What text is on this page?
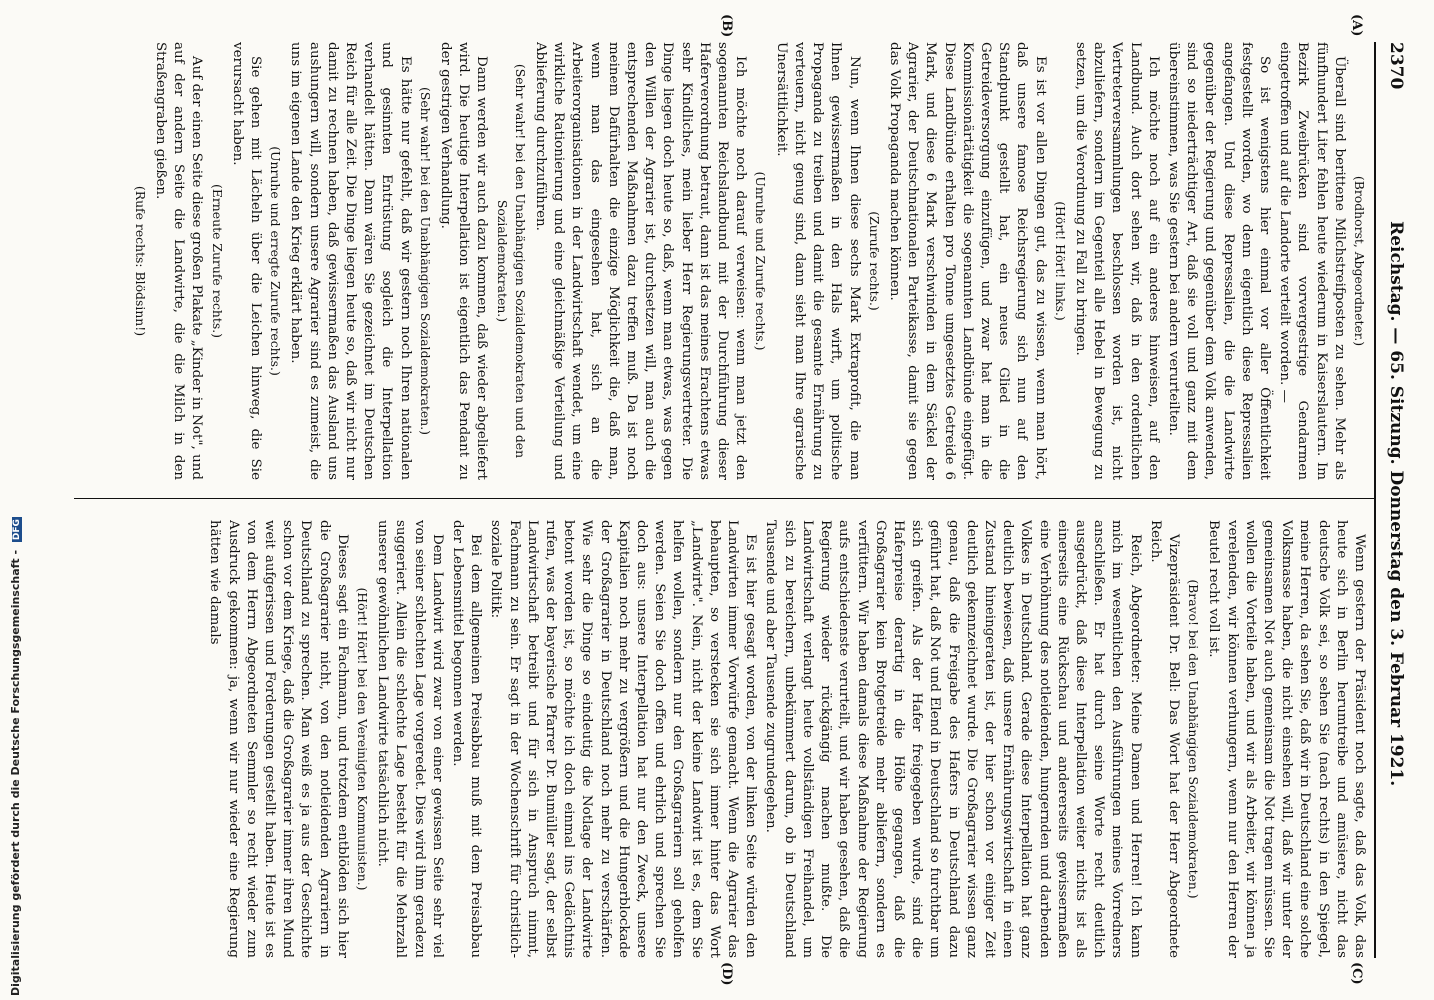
2370
Reichstag. — 65. Sitzung. Donnerstag den 3. Februar 1921.
(A)
(B)
(C)
(D)

(Brodhorst, Abgeordneter.)

Überall sind berittene Milchstreifposten zu sehen. Mehr als fünfhundert Liter fehlen heute wiederum in Kaiserslautern. Im Bezirk Zweibrücken sind vorvergestrige Gendarmen eingetroffen und auf die Landorte verteilt worden. —

So ist wenigstens hier einmal vor aller Öffentlichkeit festgestellt worden, wo denn eigentlich diese Repressalien angefangen. Und diese Repressalien, die die Landwirte gegenüber der Regierung und gegenüber dem Volk anwenden, sind so niederträchtiger Art, daß sie voll und ganz mit dem übereinstimmen, was Sie gestern bei andern verurteilten.

Ich möchte noch auf ein anderes hinweisen, auf den Landbund. Auch dort sehen wir, daß in den ordentlichen Vertreterversammlungen beschlossen worden ist, nicht abzuliefern, sondern im Gegenteil alle Hebel in Bewegung zu setzen, um die Verordnung zu Fall zu bringen.

(Hört! Hört! links.)

Es ist vor allen Dingen gut, das zu wissen, wenn man hört, daß unsere famose Reichsregierung sich nun auf den Standpunkt gestellt hat, ein neues Glied in die Getreideversorgung einzufügen, und zwar hat man in die Kommissionärtätigkeit die sogenannten Landbünde eingefügt. Diese Landbünde erhalten pro Tonne umgesetztes Getreide 6 Mark, und diese 6 Mark verschwinden in dem Säckel der Agrarier, der Deutschnationalen Parteikasse, damit sie gegen das Volk Propaganda machen können.

(Zurufe rechts.)

Nun, wenn Ihnen diese sechs Mark Extraprofit, die man Ihnen gewissermaßen in den Hals wirft, um politische Propaganda zu treiben und damit die gesamte Ernährung zu verteuern, nicht genug sind, dann sieht man Ihre agrarische Unersättlichkeit.

(Unruhe und Zurufe rechts.)

Ich möchte noch darauf verweisen: wenn man jetzt den sogenannten Reichslandbund mit der Durchführung dieser Haferverordnung betraut, dann ist das meines Erachtens etwas sehr Kindliches, mein lieber Herr Regierungsvertreter. Die Dinge liegen doch heute so, daß, wenn man etwas, was gegen den Willen der Agrarier ist, durchsetzen will, man auch die entsprechenden Maßnahmen dazu treffen muß. Da ist noch meinem Dafürhalten die einzige Möglichkeit die, daß man, wenn man das eingesehen hat, sich an die Arbeiterorganisationen in der Landwirtschaft wendet, um eine wirkliche Rationierung und eine gleichmäßige Verteilung und Ablieferung durchzuführen.

(Sehr wahr! bei den Unabhängigen Sozialdemokraten und den Sozialdemokraten.)

Dann werden wir auch dazu kommen, daß wieder abgeliefert wird. Die heutige Interpellation ist eigentlich das Pendant zu der gestrigen Verhandlung.

(Sehr wahr! bei den Unabhängigen Sozialdemokraten.)

Es hätte nur gefehlt, daß wir gestern noch Ihren nationalen und gesinnten Entrüstung sogleich die Interpellation verhandelt hätten. Dann wären Sie gezeichnet im Deutschen Reich für alle Zeit. Die Dinge liegen heute so, daß wir nicht nur damit zu rechnen haben, daß gewissermaßen das Ausland uns aushungern will, sondern unsere Agrarier sind es zumeist, die uns im eigenen Lande den Krieg erklärt haben.

(Unruhe und erregte Zurufe rechts.)

Sie gehen mit Lächeln über die Leichen hinweg, die Sie verursacht haben.

(Erneute Zurufe rechts.)

Auf der einen Seite diese großen Plakate „Kinder in Not", und auf der andern Seite die Landwirte, die die Milch in den Straßengraben gießen.

(Rufe rechts: Blödsinn!)

Wenn gestern der Präsident noch sagte, daß das Volk, das heute sich in Berlin herumtreibe und amüsiere, nicht das deutsche Volk sei, so sehen Sie (nach rechts) in den Spiegel, meine Herren, da sehen Sie, daß wir in Deutschland eine solche Volksmasse haben, die nicht einsehen will, daß wir unter der gemeinsamen Not auch gemeinsam die Not tragen müssen. Sie wollen die Vorteile haben, und wir als Arbeiter, wir können ja verelenden, wir können verhungern, wenn nur den Herren der Beutel recht voll ist.

(Bravo! bei den Unabhängigen Sozialdemokraten.)

Vizepräsident Dr. Bell: Das Wort hat der Herr Abgeordnete Reich.

Reich, Abgeordneter: Meine Damen und Herren! Ich kann mich im wesentlichen den Ausführungen meines Vorredners anschließen. Er hat durch seine Worte recht deutlich ausgedrückt, daß diese Interpellation weiter nichts ist als einerseits eine Rückschau und andererseits gewissermaßen eine Verhöhnung des notleidenden, hungernden und darbenden Volkes in Deutschland. Gerade diese Interpellation hat ganz deutlich bewiesen, daß unsere Ernährungswirtschaft in einen Zustand hineingeraten ist, der hier schon vor einiger Zeit deutlich gekennzeichnet wurde. Die Großagrarier wissen ganz genau, daß die Freigabe des Hafers in Deutschland dazu geführt hat, daß Not und Elend in Deutschland so furchtbar um sich greifen. Als der Hafer freigegeben wurde, sind die Haferpreise derartig in die Höhe gegangen, daß die Großagrarier kein Brotgetreide mehr abliefern, sondern es verfüttern. Wir haben damals diese Maßnahme der Regierung aufs entschiedenste verurteilt, und wir haben gesehen, daß die Regierung wieder rückgängig machen mußte. Die Landwirtschaft verlangt heute vollständigen Freihandel, um sich zu bereichern, unbekümmert darum, ob in Deutschland Tausende und aber Tausende zugrundegehen.

Es ist hier gesagt worden, von der linken Seite würden den Landwirten immer Vorwürfe gemacht. Wenn die Agrarier das behaupten, so verstecken sie sich immer hinter das Wort „Landwirte". Nein, nicht der kleine Landwirt ist es, dem Sie helfen wollen, sondern nur den Großagrariern soll geholfen werden. Seien Sie doch offen und ehrlich und sprechen Sie doch aus: unsere Interpellation hat nur den Zweck, unsere Kapitalien noch mehr zu vergrößern und die Hungerblockade der Großagrarier in Deutschland noch mehr zu verschärfen. Wie sehr die Dinge so eindeutig die Notlage der Landwirte betont worden ist, so möchte ich doch einmal ins Gedächtnis rufen, was der bayerische Pfarrer Dr. Bumüller sagt, der selbst Landwirtschaft betreibt und für sich in Anspruch nimmt, Fachmann zu sein. Er sagt in der Wochenschrift für christlich-soziale Politik:

Bei dem allgemeinen Preisabbau muß mit dem Preisabbau der Lebensmittel begonnen werden.

Dem Landwirt wird zwar von einer gewissen Seite sehr viel von seiner schlechten Lage vorgeredet. Dies wird ihm geradezu suggeriert. Allein die schlechte Lage besteht für die Mehrzahl unserer gewöhnlichen Landwirte tatsächlich nicht.

(Hört! Hört! bei den Vereinigten Kommunisten.)

Dieses sagt ein Fachmann, und trotzdem entblöden sich hier die Großagrarier nicht, von den notleidenden Agrariern in Deutschland zu sprechen. Man weiß es ja aus der Geschichte schon vor dem Kriege, daß die Großagrarier immer ihren Mund weit aufgerissen und Forderungen gestellt haben. Heute ist es von dem Herrn Abgeordneten Semmler so recht wieder zum Ausdruck gekommen: ja, wenn wir nur wieder eine Regierung hätten wie damals

Digitalisierung gefördert durch die Deutsche Forschungsgemeinschaft - DFG
